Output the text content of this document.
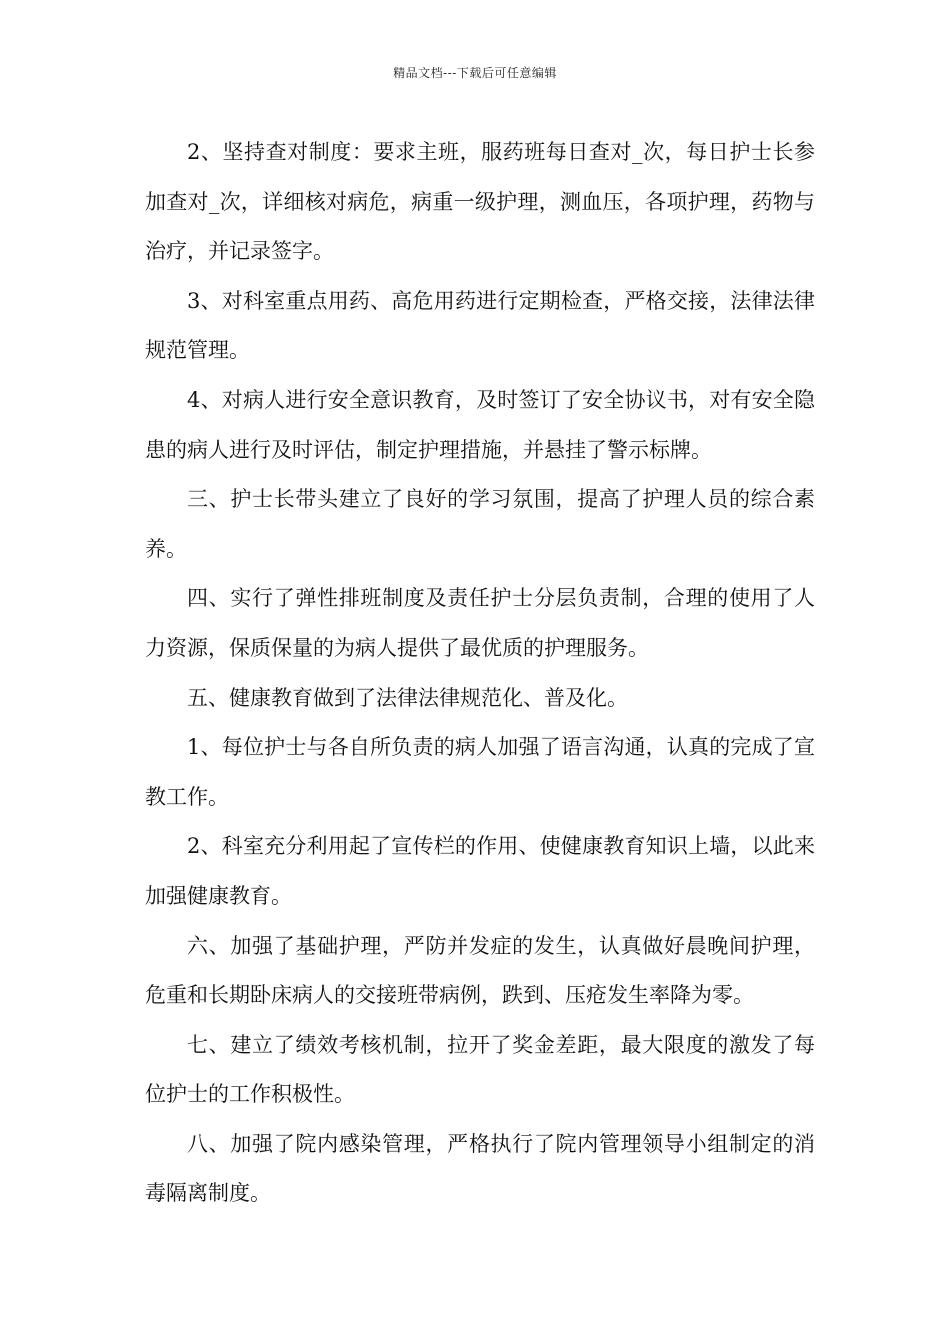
精品文档---下载后可任意编辑

2、坚持查对制度：要求主班，服药班每日查对_次，每日护士长参加查对_次，详细核对病危，病重一级护理，测血压，各项护理，药物与治疗，并记录签字。

3、对科室重点用药、高危用药进行定期检查，严格交接，法律法律规范管理。

4、对病人进行安全意识教育，及时签订了安全协议书，对有安全隐患的病人进行及时评估，制定护理措施，并悬挂了警示标牌。

三、护士长带头建立了良好的学习氛围，提高了护理人员的综合素养。

四、实行了弹性排班制度及责任护士分层负责制，合理的使用了人力资源，保质保量的为病人提供了最优质的护理服务。

五、健康教育做到了法律法律规范化、普及化。

1、每位护士与各自所负责的病人加强了语言沟通，认真的完成了宣教工作。

2、科室充分利用起了宣传栏的作用、使健康教育知识上墙，以此来加强健康教育。

六、加强了基础护理，严防并发症的发生，认真做好晨晚间护理，危重和长期卧床病人的交接班带病例，跌到、压疮发生率降为零。

七、建立了绩效考核机制，拉开了奖金差距，最大限度的激发了每位护士的工作积极性。

八、加强了院内感染管理，严格执行了院内管理领导小组制定的消毒隔离制度。
